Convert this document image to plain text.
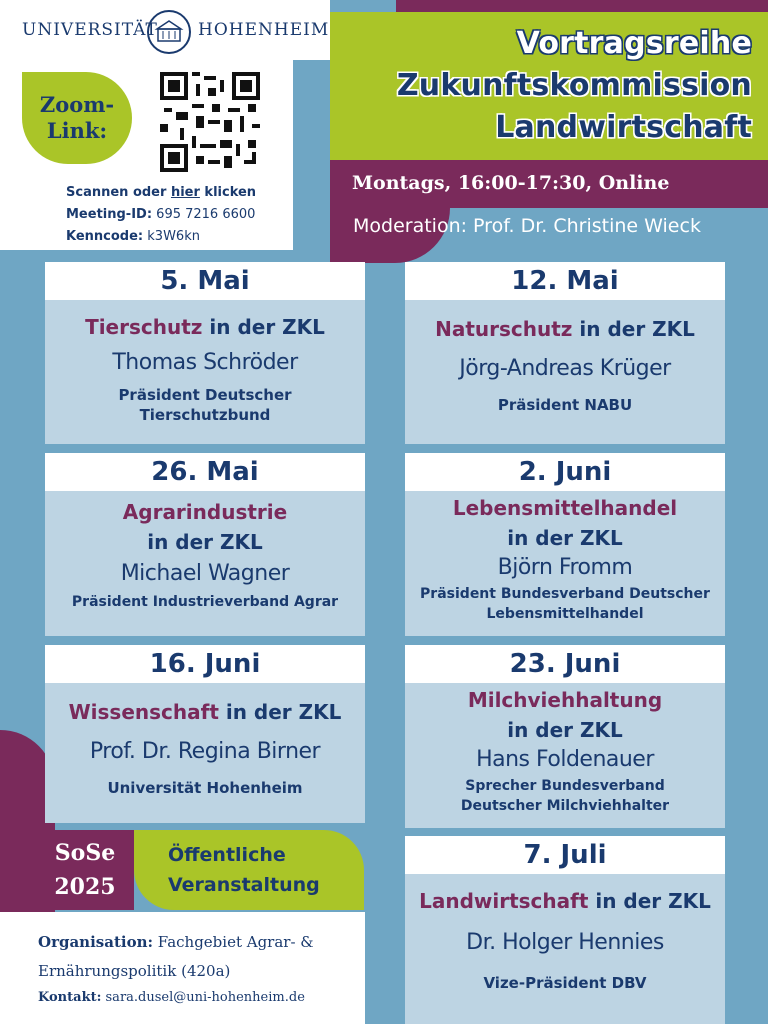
UNIVERSITÄT HOHENHEIM
Zoom-
Link:
Scannen oder hier klicken
Meeting-ID: 695 7216 6600
Kenncode: k3W6kn
Vortragsreihe
Zukunftskommission
Landwirtschaft
Montags, 16:00-17:30, Online
Moderation: Prof. Dr. Christine Wieck
5. Mai
Tierschutz in der ZKL
Thomas Schröder
Präsident Deutscher Tierschutzbund
12. Mai
Naturschutz in der ZKL
Jörg-Andreas Krüger
Präsident NABU
26. Mai
Agrarindustrie
in der ZKL
Michael Wagner
Präsident Industrieverband Agrar
2. Juni
Lebensmittelhandel
in der ZKL
Björn Fromm
Präsident Bundesverband Deutscher Lebensmittelhandel
16. Juni
Wissenschaft in der ZKL
Prof. Dr. Regina Birner
Universität Hohenheim
23. Juni
Milchviehhaltung
in der ZKL
Hans Foldenauer
Sprecher Bundesverband Deutscher Milchviehhalter
7. Juli
Landwirtschaft in der ZKL
Dr. Holger Hennies
Vize-Präsident DBV
SoSe
2025
Öffentliche
Veranstaltung
Organisation: Fachgebiet Agrar- & Ernährungspolitik (420a)
Kontakt: sara.dusel@uni-hohenheim.de
